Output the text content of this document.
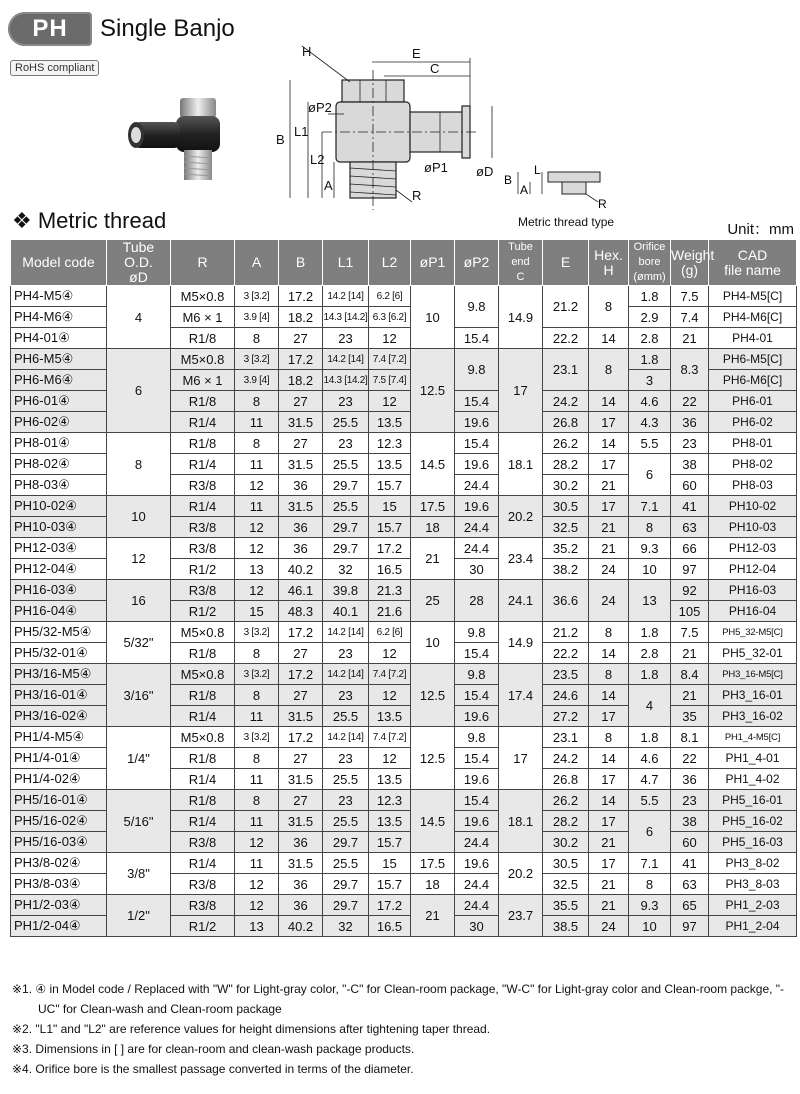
PH	Single Banjo
RoHS compliant
H	E
C
øP2
B
L1
L2
A
øP1 øD
R
B
A
L
R
❖ Metric thread	Metric thread type	Unit：mm
Model code	Tube O.D.
øD	R	A	B	L1	L2	øP1	øP2	Tube end
C	E	Hex.
H	Orifice bore
(ømm)	Weight
(g)	CAD
file name
PH4-M5④	4	M5×0.8	3 [3.2]	17.2	14.2 [14]	6.2 [6]	10	9.8	14.9	21.2	8	1.8	7.5	PH4-M5[C]
PH4-M6④		M6 × 1	3.9 [4]	18.2	14.3 [14.2]	6.3 [6.2]						2.9	7.4	PH4-M6[C]
PH4-01④		R1/8	8	27	23	12		15.4		22.2	14	2.8	21	PH4-01
PH6-M5④	6	M5×0.8	3 [3.2]	17.2	14.2 [14]	7.4 [7.2]	12.5	9.8	17	23.1	8	1.8	8.3	PH6-M5[C]
PH6-M6④		M6 × 1	3.9 [4]	18.2	14.3 [14.2]	7.5 [7.4]						3		PH6-M6[C]
PH6-01④		R1/8	8	27	23	12		15.4		24.2	14	4.6	22	PH6-01
PH6-02④		R1/4	11	31.5	25.5	13.5		19.6		26.8	17	4.3	36	PH6-02
PH8-01④	8	R1/8	8	27	23	12.3	14.5	15.4	18.1	26.2	14	5.5	23	PH8-01
PH8-02④		R1/4	11	31.5	25.5	13.5		19.6		28.2	17	6	38	PH8-02
PH8-03④		R3/8	12	36	29.7	15.7		24.4		30.2	21		60	PH8-03
PH10-02④	10	R1/4	11	31.5	25.5	15	17.5	19.6	20.2	30.5	17	7.1	41	PH10-02
PH10-03④		R3/8	12	36	29.7	15.7	18	24.4		32.5	21	8	63	PH10-03
PH12-03④	12	R3/8	12	36	29.7	17.2	21	24.4	23.4	35.2	21	9.3	66	PH12-03
PH12-04④		R1/2	13	40.2	32	16.5		30		38.2	24	10	97	PH12-04
PH16-03④	16	R3/8	12	46.1	39.8	21.3	25	28	24.1	36.6	24	13	92	PH16-03
PH16-04④		R1/2	15	48.3	40.1	21.6							105	PH16-04
PH5/32-M5④	5/32"	M5×0.8	3 [3.2]	17.2	14.2 [14]	6.2 [6]	10	9.8	14.9	21.2	8	1.8	7.5	PH5_32-M5[C]
PH5/32-01④		R1/8	8	27	23	12		15.4		22.2	14	2.8	21	PH5_32-01
PH3/16-M5④	3/16"	M5×0.8	3 [3.2]	17.2	14.2 [14]	7.4 [7.2]	12.5	9.8	17.4	23.5	8	1.8	8.4	PH3_16-M5[C]
PH3/16-01④		R1/8	8	27	23	12		15.4		24.6	14	4	21	PH3_16-01
PH3/16-02④		R1/4	11	31.5	25.5	13.5		19.6		27.2	17		35	PH3_16-02
PH1/4-M5④	1/4"	M5×0.8	3 [3.2]	17.2	14.2 [14]	7.4 [7.2]	12.5	9.8	17	23.1	8	1.8	8.1	PH1_4-M5[C]
PH1/4-01④		R1/8	8	27	23	12		15.4		24.2	14	4.6	22	PH1_4-01
PH1/4-02④		R1/4	11	31.5	25.5	13.5		19.6		26.8	17	4.7	36	PH1_4-02
PH5/16-01④	5/16"	R1/8	8	27	23	12.3	14.5	15.4	18.1	26.2	14	5.5	23	PH5_16-01
PH5/16-02④		R1/4	11	31.5	25.5	13.5		19.6		28.2	17	6	38	PH5_16-02
PH5/16-03④		R3/8	12	36	29.7	15.7		24.4		30.2	21		60	PH5_16-03
PH3/8-02④	3/8"	R1/4	11	31.5	25.5	15	17.5	19.6	20.2	30.5	17	7.1	41	PH3_8-02
PH3/8-03④		R3/8	12	36	29.7	15.7	18	24.4		32.5	21	8	63	PH3_8-03
PH1/2-03④	1/2"	R3/8	12	36	29.7	17.2	21	24.4	23.7	35.5	21	9.3	65	PH1_2-03
PH1/2-04④		R1/2	13	40.2	32	16.5		30		38.5	24	10	97	PH1_2-04
※1. ④ in Model code / Replaced with "W" for Light-gray color, "-C" for Clean-room package, "W-C" for Light-gray color and Clean-room packge, "-UC" for Clean-wash and Clean-room package
※2. "L1" and "L2" are reference values for height dimensions after tightening taper thread.
※3. Dimensions in [ ] are for clean-room and clean-wash package products.
※4. Orifice bore is the smallest passage converted in terms of the diameter.
